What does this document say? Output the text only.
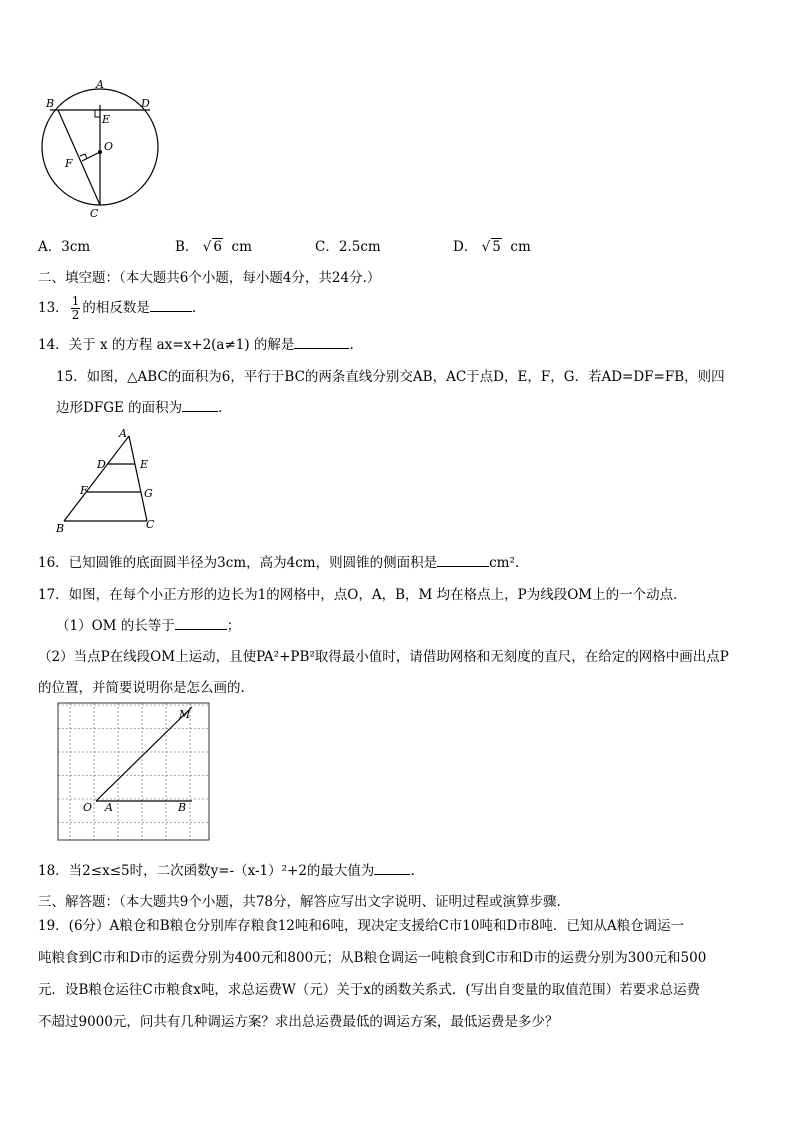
A
B	D
E
O
F
C
A．3cm	B． √ 6 cm	C．2.5cm	D． √ 5 cm
二、填空题：（本大题共6个小题，每小题4分，共24分.）
13． $\frac{1}{2}$ 的相反数是	.
14．关于 x 的方程 ax=x+2(a≠1) 的解是	.
15．如图，△ABC的面积为6，平行于BC的两条直线分别交AB，AC于点D，E，F，G．若AD=DF=FB，则四
边形DFGE 的面积为	.
A
D	E
F	G
B	C
16．已知圆锥的底面圆半径为3cm，高为4cm，则圆锥的侧面积是	cm².
17．如图，在每个小正方形的边长为1的网格中，点O，A，B，M 均在格点上，P为线段OM上的一个动点．
（1）OM 的长等于	；
（2）当点P在线段OM上运动，且使PA²+PB²取得最小值时，请借助网格和无刻度的直尺，在给定的网格中画出点P
的位置，并简要说明你是怎么画的.
M
O A	B
18．当2≤x≤5时，二次函数y=-（x-1）²+2的最大值为	.
三、解答题：（本大题共9个小题，共78分，解答应写出文字说明、证明过程或演算步骤.
19．(6分）A粮仓和B粮仓分别库存粮食12吨和6吨，现决定支援给C市10吨和D市8吨．已知从A粮仓调运一
吨粮食到C市和D市的运费分别为400元和800元；从B粮仓调运一吨粮食到C市和D市的运费分别为300元和500
元．设B粮仓运往C市粮食x吨，求总运费W（元）关于x的函数关系式．(写出自变量的取值范围）若要求总运费
不超过9000元，问共有几种调运方案？求出总运费最低的调运方案，最低运费是多少？
